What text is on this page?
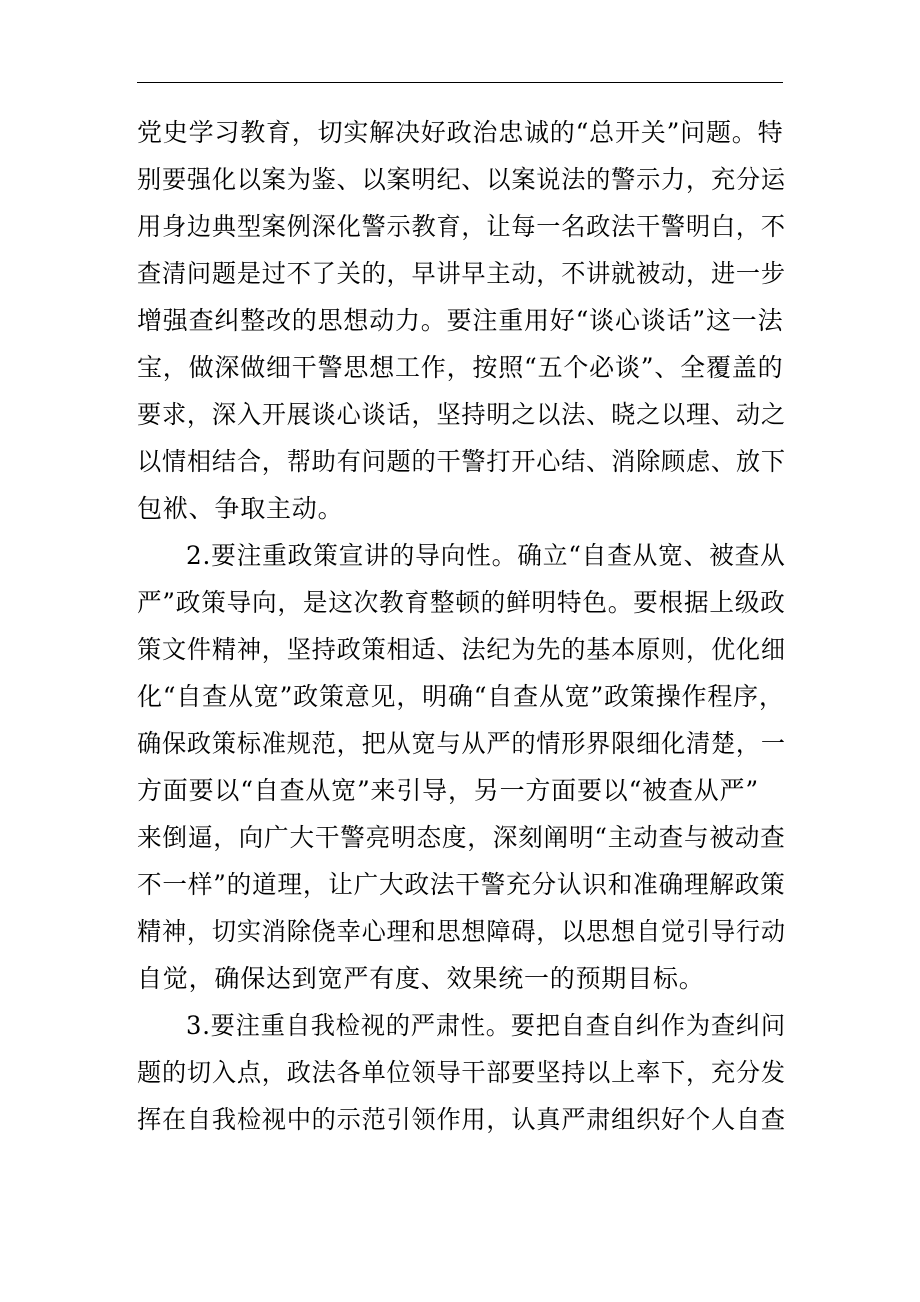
党史学习教育，切实解决好政治忠诚的“总开关”问题。特
别要强化以案为鉴、以案明纪、以案说法的警示力，充分运
用身边典型案例深化警示教育，让每一名政法干警明白，不
查清问题是过不了关的，早讲早主动，不讲就被动，进一步
增强查纠整改的思想动力。要注重用好“谈心谈话”这一法
宝，做深做细干警思想工作，按照“五个必谈”、全覆盖的
要求，深入开展谈心谈话，坚持明之以法、晓之以理、动之
以情相结合，帮助有问题的干警打开心结、消除顾虑、放下
包袱、争取主动。
2.要注重政策宣讲的导向性。确立“自查从宽、被查从
严”政策导向，是这次教育整顿的鲜明特色。要根据上级政
策文件精神，坚持政策相适、法纪为先的基本原则，优化细
化“自查从宽”政策意见，明确“自查从宽”政策操作程序，
确保政策标准规范，把从宽与从严的情形界限细化清楚，一
方面要以“自查从宽”来引导，另一方面要以“被查从严”
来倒逼，向广大干警亮明态度，深刻阐明“主动查与被动查
不一样”的道理，让广大政法干警充分认识和准确理解政策
精神，切实消除侥幸心理和思想障碍，以思想自觉引导行动
自觉，确保达到宽严有度、效果统一的预期目标。
3.要注重自我检视的严肃性。要把自查自纠作为查纠问
题的切入点，政法各单位领导干部要坚持以上率下，充分发
挥在自我检视中的示范引领作用，认真严肃组织好个人自查
